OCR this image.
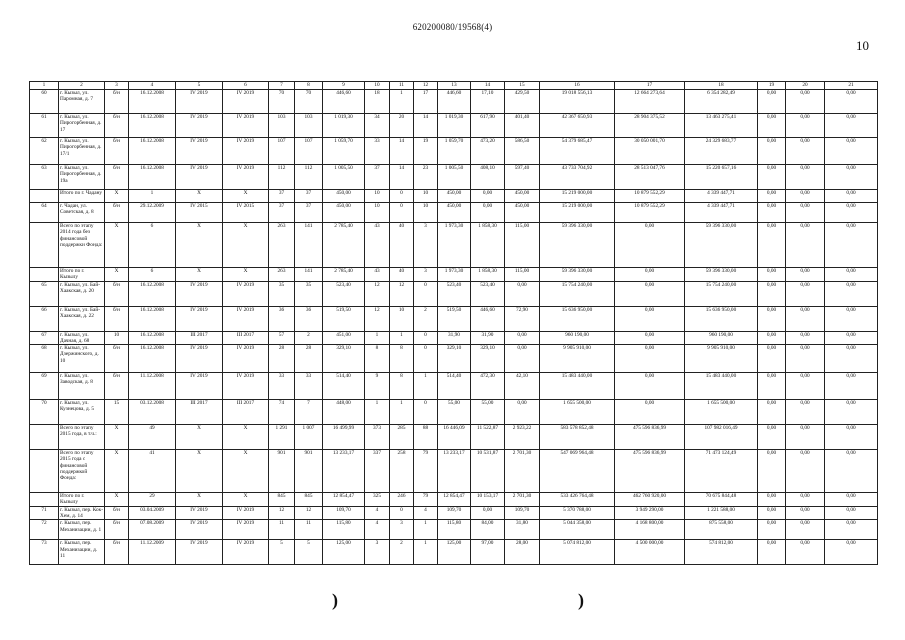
620200080/19568(4)
10
1	2	3	4	5	6	7	8	9	10	11	12	13	14	15	16	17	18	19	20	21
60	г. Кызыл, ул. Паромная, д. 7	б/н	16.12.2008	IV 2019	IV 2019	70	70	446,60	18	1	17	446,60	17,10	429,50	19 018 556,13	12 664 273,64	6 354 282,49	0,00	0,00	0,00
61	г. Кызыл, ул. Пирогорбенная, д. 17	б/н	16.12.2008	IV 2019	IV 2019	103	103	1 019,30	34	20	14	1 019,30	617,90	401,40	42 367 650,93	28 904 375,52	13 463 275,41	0,00	0,00	0,00
62	г. Кызыл, ул. Пирогорбенная, д. 17/1	б/н	16.12.2008	IV 2019	IV 2019	107	107	1 059,70	33	14	19	1 059,70	473,20	586,50	54 379 685,47	30 050 001,70	24 329 683,77	0,00	0,00	0,00
63	г. Кызыл, ул. Пирогорбенная, д. 19а	б/н	16.12.2008	IV 2019	IV 2019	112	112	1 005,50	37	14	23	1 005,50	408,10	597,40	43 733 704,92	28 513 047,76	15 220 657,16	0,00	0,00	0,00
	Итого по г. Чадану	X	1	X	X	37	37	450,00	10	0	10	450,00	0,00	450,00	15 219 000,00	10 879 552,29	4 339 447,71	0,00	0,00	0,00
64	г. Чадан, ул. Советская, д. 8	б/н	29.12.2009	IV 2015	IV 2015	37	37	450,00	10	0	10	450,00	0,00	450,00	15 219 000,00	10 879 552,29	4 339 447,71	0,00	0,00	0,00
	Всего по этапу 2014 года без финансовой поддержки Фонда:	X	6	X	X	263	141	2 785,40	43	40	3	1 973,30	1 858,30	115,00	59 396 330,00	0,00	59 396 330,00	0,00	0,00	0,00
	Итого по г. Кызылу	X	6	X	X	263	141	2 785,40	43	40	3	1 973,30	1 858,30	115,00	59 396 330,00	0,00	59 396 330,00	0,00	0,00	0,00
65	г. Кызыл, ул. Бай-Хаакская, д. 20	б/н	16.12.2008	IV 2019	IV 2019	35	35	523,40	12	12	0	523,40	523,40	0,00	15 754 240,00	0,00	15 754 240,00	0,00	0,00	0,00
66	г. Кызыл, ул. Бай-Хаакская, д. 22	б/н	16.12.2008	IV 2019	IV 2019	36	36	519,50	12	10	2	519,50	446,60	72,90	15 636 950,00	0,00	15 636 950,00	0,00	0,00	0,00
67	г. Кызыл, ул. Дачная, д. 68	10	16.12.2008	III 2017	III 2017	57	2	451,00	1	1	0	31,90	31,90	0,00	960 190,00	0,00	960 190,00	0,00	0,00	0,00
68	г. Кызыл, ул. Дзержинского, д. 10	б/н	16.12.2008	IV 2019	IV 2019	28	28	329,10	8	8	0	329,10	329,10	0,00	9 905 910,00	0,00	9 905 910,00	0,00	0,00	0,00
69	г. Кызыл, ул. Заводская, д. 8	б/н	11.12.2008	IV 2019	IV 2019	33	33	514,40	9	8	1	514,40	472,30	42,10	15 483 440,00	0,00	15 483 440,00	0,00	0,00	0,00
70	г. Кызыл, ул. Кузнецова, д. 5	15	03.12.2008	III 2017	III 2017	74	7	448,00	1	1	0	55,00	55,00	0,00	1 655 500,00	0,00	1 655 500,00	0,00	0,00	0,00
	Всего по этапу 2015 года, в т.ч.:	X	49	X	X	1 291	1 007	16 499,99	373	285	88	16 446,09	11 522,87	2 923,22	583 578 852,48	475 596 836,99	107 982 016,49	0,00	0,00	0,00
	Всего по этапу 2015 года с финансовой поддержкой Фонда:	X	41	X	X	901	901	13 233,17	337	258	79	13 233,17	10 531,87	2 701,30	547 069 964,48	475 596 836,99	71 473 124,49	0,00	0,00	0,00
	Итого по г. Кызылу	X	29	X	X	845	845	12 854,47	325	246	79	12 854,47	10 153,17	2 701,30	533 426 764,48	462 760 920,00	70 675 844,48	0,00	0,00	0,00
71	г. Кызыл, пер. Кок-Хем, д. 14	б/н	03.04.2009	IV 2019	IV 2019	12	12	109,70	4	0	4	109,70	0,00	109,70	5 370 788,00	3 949 290,00	1 221 588,00	0,00	0,00	0,00
72	г. Кызыл, пер. Механизации, д. 1	б/н	07.08.2009	IV 2019	IV 2019	11	11	115,80	4	3	1	115,80	84,00	31,80	5 044 358,00	4 168 800,00	875 558,00	0,00	0,00	0,00
73	г. Кызыл, пер. Механизации, д. 11	б/н	11.12.2009	IV 2019	IV 2019	5	5	125,00	3	2	1	125,00	97,00	28,00	5 074 812,00	4 500 000,00	574 812,00	0,00	0,00	0,00
)	)
